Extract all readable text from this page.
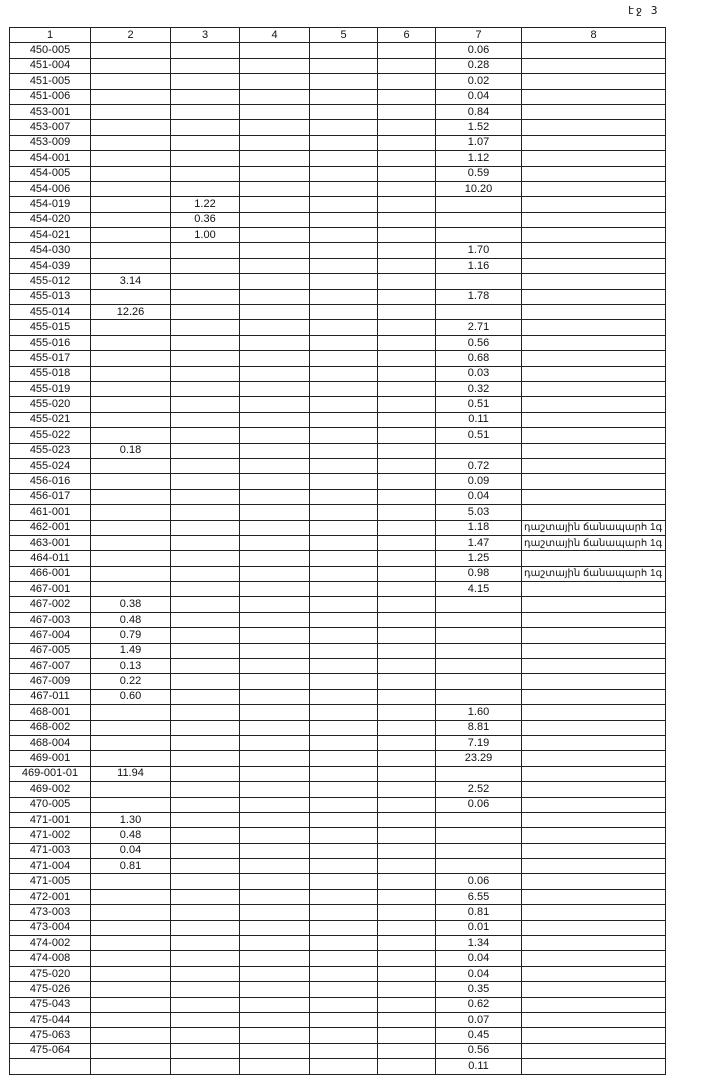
էջ 3
1	2	3	4	5	6	7	8
450-005						0.06	
451-004						0.28	
451-005						0.02	
451-006						0.04	
453-001						0.84	
453-007						1.52	
453-009						1.07	
454-001						1.12	
454-005						0.59	
454-006						10.20	
454-019		1.22					
454-020		0.36					
454-021		1.00					
454-030						1.70	
454-039						1.16	
455-012	3.14						
455-013						1.78	
455-014	12.26						
455-015						2.71	
455-016						0.56	
455-017						0.68	
455-018						0.03	
455-019						0.32	
455-020						0.51	
455-021						0.11	
455-022						0.51	
455-023	0.18						
455-024						0.72	
456-016						0.09	
456-017						0.04	
461-001						5.03	
462-001						1.18	դաշտային ճանապարհ 1գ
463-001						1.47	դաշտային ճանապարհ 1գ
464-011						1.25	
466-001						0.98	դաշտային ճանապարհ 1գ
467-001						4.15	
467-002	0.38						
467-003	0.48						
467-004	0.79						
467-005	1.49						
467-007	0.13						
467-009	0.22						
467-011	0.60						
468-001						1.60	
468-002						8.81	
468-004						7.19	
469-001						23.29	
469-001-01	11.94						
469-002						2.52	
470-005						0.06	
471-001	1.30						
471-002	0.48						
471-003	0.04						
471-004	0.81						
471-005						0.06	
472-001						6.55	
473-003						0.81	
473-004						0.01	
474-002						1.34	
474-008						0.04	
475-020						0.04	
475-026						0.35	
475-043						0.62	
475-044						0.07	
475-063						0.45	
475-064						0.56	
						0.11	
